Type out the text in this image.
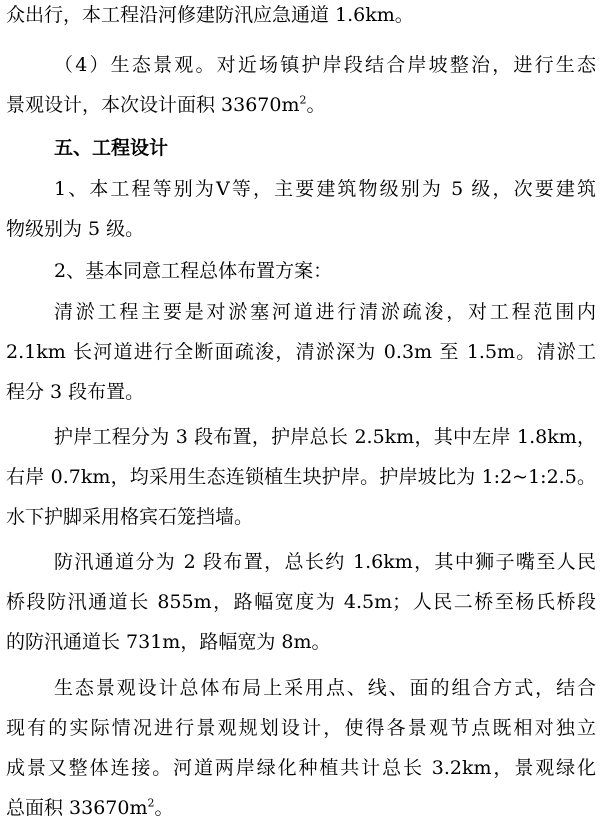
众出行，本工程沿河修建防汛应急通道 1.6km。
（4）生态景观。对近场镇护岸段结合岸坡整治，进行生态
景观设计，本次设计面积 $33670m^2$。
五、工程设计
1、本工程等别为Ⅴ等，主要建筑物级别为 5 级，次要建筑
物级别为 5 级。
2、基本同意工程总体布置方案：
清淤工程主要是对淤塞河道进行清淤疏浚，对工程范围内
2.1km 长河道进行全断面疏浚，清淤深为 0.3m 至 1.5m。清淤工
程分 3 段布置。
护岸工程分为 3 段布置，护岸总长 2.5km，其中左岸 1.8km，
右岸 0.7km，均采用生态连锁植生块护岸。护岸坡比为 1:2~1:2.5。
水下护脚采用格宾石笼挡墙。
防汛通道分为 2 段布置，总长约 1.6km，其中狮子嘴至人民
桥段防汛通道长 855m，路幅宽度为 4.5m；人民二桥至杨氏桥段
的防汛通道长 731m，路幅宽为 8m。
生态景观设计总体布局上采用点、线、面的组合方式，结合
现有的实际情况进行景观规划设计，使得各景观节点既相对独立
成景又整体连接。河道两岸绿化种植共计总长 3.2km，景观绿化
总面积 $33670m^2$。
